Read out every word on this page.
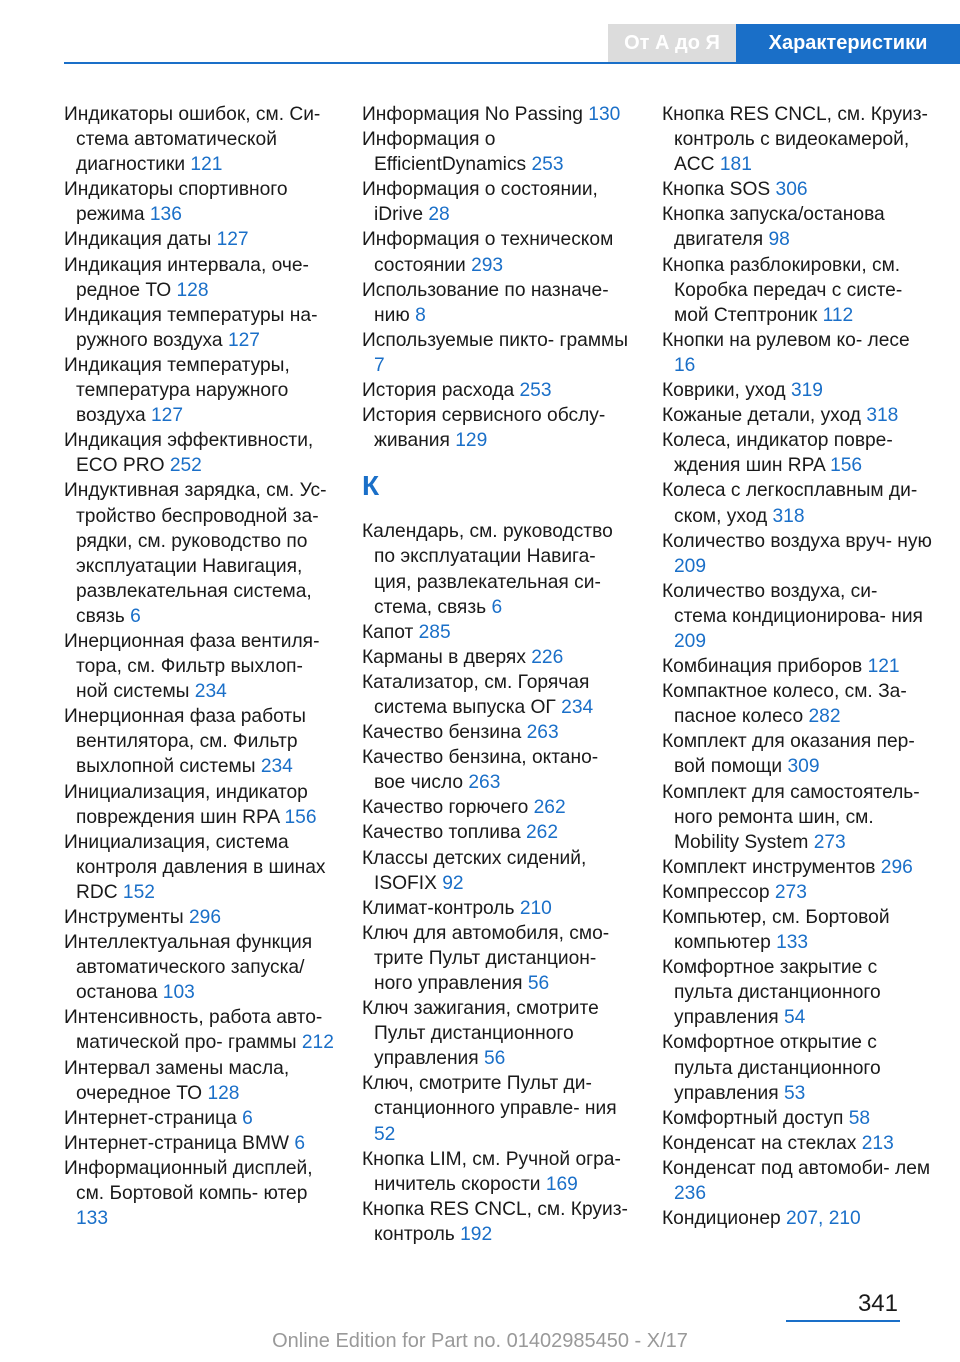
От А до Я	Характеристики

Индикаторы ошибок, см. Си- стема автоматической диагностики 121

Индикаторы спортивного режима 136

Индикация даты 127

Индикация интервала, оче- редное ТО 128

Индикация температуры на- ружного воздуха 127

Индикация температуры, температура наружного воздуха 127

Индикация эффективности, ECO PRO 252

Индуктивная зарядка, см. Ус- тройство беспроводной за- рядки, см. руководство по эксплуатации Навигация, развлекательная система, связь 6

Инерционная фаза вентиля- тора, см. Фильтр выхлоп- ной системы 234

Инерционная фаза работы вентилятора, см. Фильтр выхлопной системы 234

Инициализация, индикатор повреждения шин RPA 156

Инициализация, система контроля давления в шинах RDC 152

Инструменты 296

Интеллектуальная функция автоматического запуска/ останова 103

Интенсивность, работа авто- матической про- граммы 212

Интервал замены масла, очередное ТО 128

Интернет-страница 6

Интернет-страница BMW 6

Информационный дисплей, см. Бортовой компь- ютер 133

Информация No Passing 130

Информация о EfficientDynamics 253

Информация о состоянии, iDrive 28

Информация о техническом состоянии 293

Использование по назначе- нию 8

Используемые пикто- граммы 7

История расхода 253

История сервисного обслу- живания 129

К

Календарь, см. руководство по эксплуатации Навига- ция, развлекательная си- стема, связь 6

Капот 285

Карманы в дверях 226

Катализатор, см. Горячая система выпуска ОГ 234

Качество бензина 263

Качество бензина, октано- вое число 263

Качество горючего 262

Качество топлива 262

Классы детских сидений, ISOFIX 92

Климат-контроль 210

Ключ для автомобиля, смо- трите Пульт дистанцион- ного управления 56

Ключ зажигания, смотрите Пульт дистанционного управления 56

Ключ, смотрите Пульт ди- станционного управле- ния 52

Кнопка LIM, см. Ручной огра- ничитель скорости 169

Кнопка RES CNCL, см. Круиз-контроль 192

Кнопка RES CNCL, см. Круиз-контроль с видеокамерой, ACC 181

Кнопка SOS 306

Кнопка запуска/останова двигателя 98

Кнопка разблокировки, см. Коробка передач с систе- мой Стептроник 112

Кнопки на рулевом ко- лесе 16

Коврики, уход 319

Кожаные детали, уход 318

Колеса, индикатор повре- ждения шин RPA 156

Колеса с легкосплавным ди- ском, уход 318

Количество воздуха вруч- ную 209

Количество воздуха, си- стема кондиционирова- ния 209

Комбинация приборов 121

Компактное колесо, см. За- пасное колесо 282

Комплект для оказания пер- вой помощи 309

Комплект для самостоятель- ного ремонта шин, см. Mobility System 273

Комплект инструментов 296

Компрессор 273

Компьютер, см. Бортовой компьютер 133

Комфортное закрытие с пульта дистанционного управления 54

Комфортное открытие с пульта дистанционного управления 53

Комфортный доступ 58

Конденсат на стеклах 213

Конденсат под автомоби- лем 236

Кондиционер 207, 210

341
Online Edition for Part no. 01402985450 - X/17
